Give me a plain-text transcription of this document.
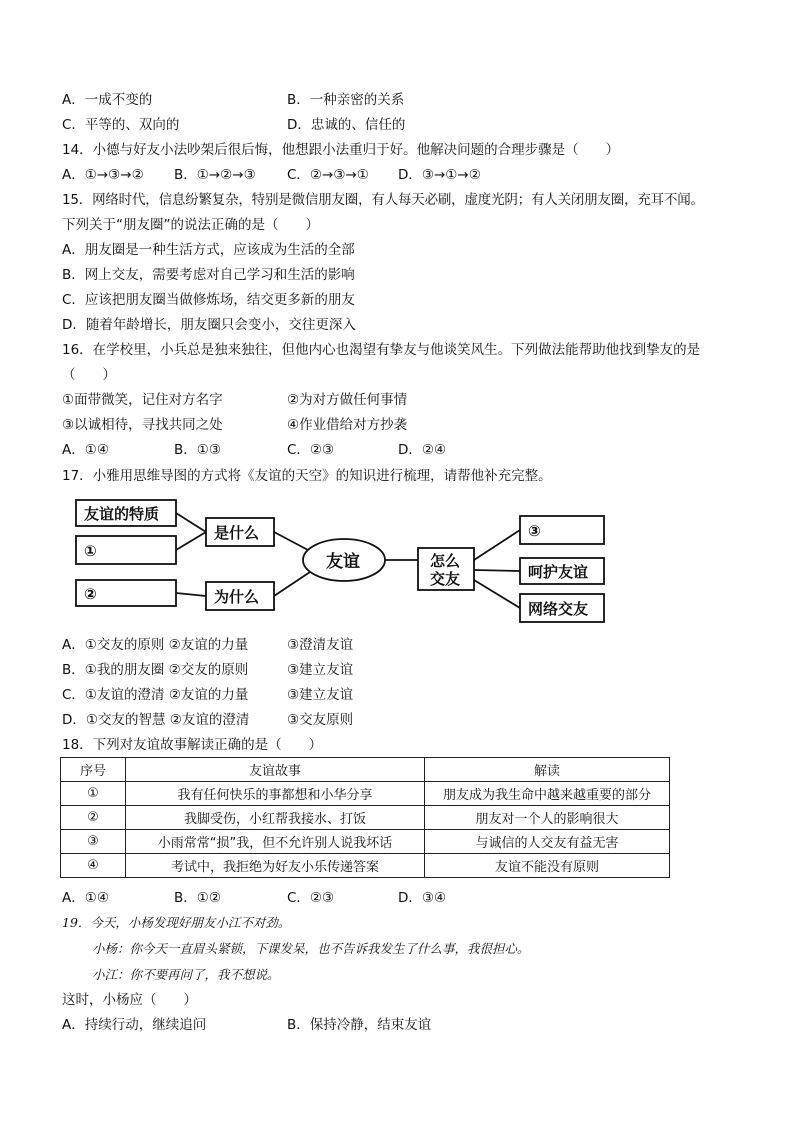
A．一成不变的	B．一种亲密的关系
C．平等的、双向的	D．忠诚的、信任的
14．小德与好友小法吵架后很后悔，他想跟小法重归于好。他解决问题的合理步骤是（　　）
A．①→③→② B．①→②→③ C．②→③→① D．③→①→②
15．网络时代，信息纷繁复杂，特别是微信朋友圈，有人每天必刷，虚度光阴；有人关闭朋友圈，充耳不闻。
下列关于“朋友圈”的说法正确的是（　　）
A．朋友圈是一种生活方式，应该成为生活的全部
B．网上交友，需要考虑对自己学习和生活的影响
C．应该把朋友圈当做修炼场，结交更多新的朋友
D．随着年龄增长，朋友圈只会变小，交往更深入
16．在学校里，小兵总是独来独往，但他内心也渴望有挚友与他谈笑风生。下列做法能帮助他找到挚友的是
（　　）
①面带微笑，记住对方名字	②为对方做任何事情
③以诚相待，寻找共同之处	④作业借给对方抄袭
A．①④	B．①③	C．②③	D．②④
17．小雅用思维导图的方式将《友谊的天空》的知识进行梳理，请帮他补充完整。
友谊的特质
①
②
是什么
为什么
友谊	怎么
交友
③
呵护友谊
网络交友
A．①交友的原则 ②友谊的力量	③澄清友谊
B．①我的朋友圈 ②交友的原则	③建立友谊
C．①友谊的澄清 ②友谊的力量	③建立友谊
D．①交友的智慧 ②友谊的澄清	③交友原则
18．下列对友谊故事解读正确的是（　　）
序号	友谊故事	解读
①	我有任何快乐的事都想和小华分享	朋友成为我生命中越来越重要的部分
②	我脚受伤，小红帮我接水、打饭	朋友对一个人的影响很大
③	小雨常常“损”我，但不允许别人说我坏话	与诚信的人交友有益无害
④	考试中，我拒绝为好友小乐传递答案	友谊不能没有原则
A．①④	B．①②	C．②③	D．③④
19．今天，小杨发现好朋友小江不对劲。
小杨：你今天一直眉头紧锁，下课发呆，也不告诉我发生了什么事，我很担心。
小江：你不要再问了，我不想说。
这时，小杨应（　　）
A．持续行动，继续追问	B．保持冷静，结束友谊
